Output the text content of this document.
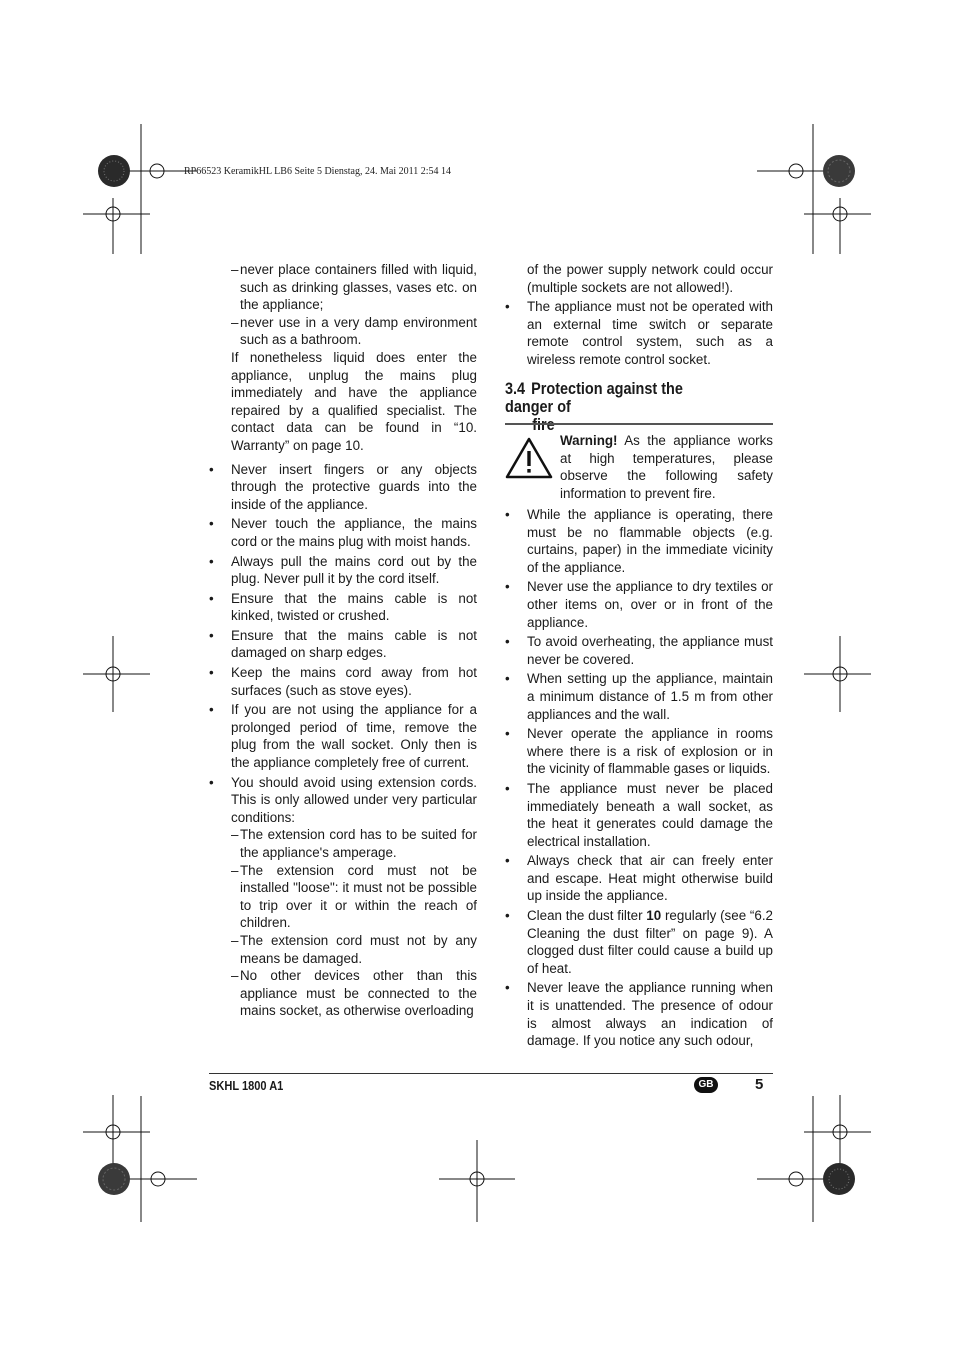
RP66523 KeramikHL LB6 Seite 5 Dienstag, 24. Mai 2011 2:54 14

– never place containers filled with liquid, such as drinking glasses, vases etc. on the appliance;

– never use in a very damp environment such as a bathroom.

If nonetheless liquid does enter the appliance, unplug the mains plug immediately and have the appliance repaired by a qualified specialist. The contact data can be found in “10. Warranty” on page 10.

• Never insert fingers or any objects through the protective guards into the inside of the appliance.

• Never touch the appliance, the mains cord or the mains plug with moist hands.

• Always pull the mains cord out by the plug. Never pull it by the cord itself.

• Ensure that the mains cable is not kinked, twisted or crushed.

• Ensure that the mains cable is not damaged on sharp edges.

• Keep the mains cord away from hot surfaces (such as stove eyes).

• If you are not using the appliance for a prolonged period of time, remove the plug from the wall socket. Only then is the appliance completely free of current.

• You should avoid using extension cords. This is only allowed under very particular conditions:

– The extension cord has to be suited for the appliance's amperage.

– The extension cord must not be installed "loose": it must not be possible to trip over it or within the reach of children.

– The extension cord must not by any means be damaged.

– No other devices other than this appliance must be connected to the mains socket, as otherwise overloading

of the power supply network could occur (multiple sockets are not allowed!).

• The appliance must not be operated with an external time switch or separate remote control system, such as a wireless remote control socket.

3.4 Protection against the danger of
Warning! As the appliance works at high temperatures, please observe the following safety information to prevent fire.

• While the appliance is operating, there must be no flammable objects (e.g. curtains, paper) in the immediate vicinity of the appliance.

• Never use the appliance to dry textiles or other items on, over or in front of the appliance.

• To avoid overheating, the appliance must never be covered.

• When setting up the appliance, maintain a minimum distance of 1.5 m from other appliances and the wall.

• Never operate the appliance in rooms where there is a risk of explosion or in the vicinity of flammable gases or liquids.

• The appliance must never be placed immediately beneath a wall socket, as the heat it generates could damage the electrical installation.

• Always check that air can freely enter and escape. Heat might otherwise build up inside the appliance.

• Clean the dust filter 10 regularly (see “6.2 Cleaning the dust filter” on page 9). A clogged dust filter could cause a build up of heat.

• Never leave the appliance running when it is unattended. The presence of odour is almost always an indication of damage. If you notice any such odour,

SKHL 1800 A1	GB	5
